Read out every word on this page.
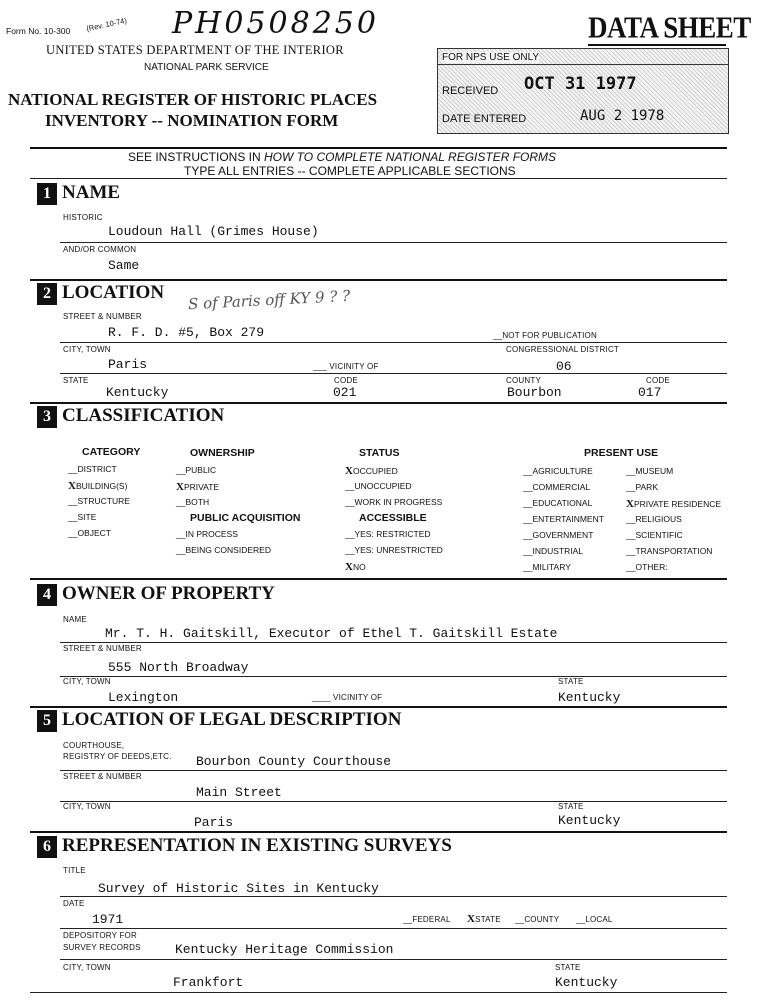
Form No. 10-300 (Rev. 10-74) PH0508250
UNITED STATES DEPARTMENT OF THE INTERIOR
NATIONAL PARK SERVICE
NATIONAL REGISTER OF HISTORIC PLACES
INVENTORY -- NOMINATION FORM
DATA SHEET
FOR NPS USE ONLY
RECEIVED OCT 31 1977
DATE ENTERED	AUG 2 1978
SEE INSTRUCTIONS IN HOW TO COMPLETE NATIONAL REGISTER FORMS
TYPE ALL ENTRIES -- COMPLETE APPLICABLE SECTIONS
1 NAME
HISTORIC
Loudoun Hall (Grimes House)
AND/OR COMMON
Same
2 LOCATION S of Paris off KY 9 ? ?
STREET & NUMBER
R. F. D. #5, Box 279	__NOT FOR PUBLICATION
CITY, TOWN	CONGRESSIONAL DISTRICT
Paris	___ VICINITY OF	06
STATE	CODE	COUNTY	CODE
Kentucky	021	Bourbon	017
3 CLASSIFICATION
CATEGORY
__DISTRICT
XBUILDING(S)
__STRUCTURE
__SITE
__OBJECT
OWNERSHIP
__PUBLIC
XPRIVATE
__BOTH
PUBLIC ACQUISITION
__IN PROCESS
__BEING CONSIDERED
STATUS
XOCCUPIED
__UNOCCUPIED
__WORK IN PROGRESS
ACCESSIBLE
__YES: RESTRICTED
__YES: UNRESTRICTED
XNO
PRESENT USE
__AGRICULTURE
__COMMERCIAL
__EDUCATIONAL
__ENTERTAINMENT
__GOVERNMENT
__INDUSTRIAL
__MILITARY
__MUSEUM
__PARK
XPRIVATE RESIDENCE
__RELIGIOUS
__SCIENTIFIC
__TRANSPORTATION
__OTHER:
4 OWNER OF PROPERTY
NAME
Mr. T. H. Gaitskill, Executor of Ethel T. Gaitskill Estate
STREET & NUMBER
555 North Broadway
CITY, TOWN	STATE
Lexington	____ VICINITY OF	Kentucky
5 LOCATION OF LEGAL DESCRIPTION
COURTHOUSE,
REGISTRY OF DEEDS,ETC. Bourbon County Courthouse
STREET & NUMBER
Main Street
CITY, TOWN	STATE
Paris	Kentucky
6 REPRESENTATION IN EXISTING SURVEYS
TITLE
Survey of Historic Sites in Kentucky
DATE
1971	__FEDERAL XSTATE __COUNTY __LOCAL
DEPOSITORY FOR
SURVEY RECORDS	Kentucky Heritage Commission
CITY, TOWN	STATE
Frankfort	Kentucky
